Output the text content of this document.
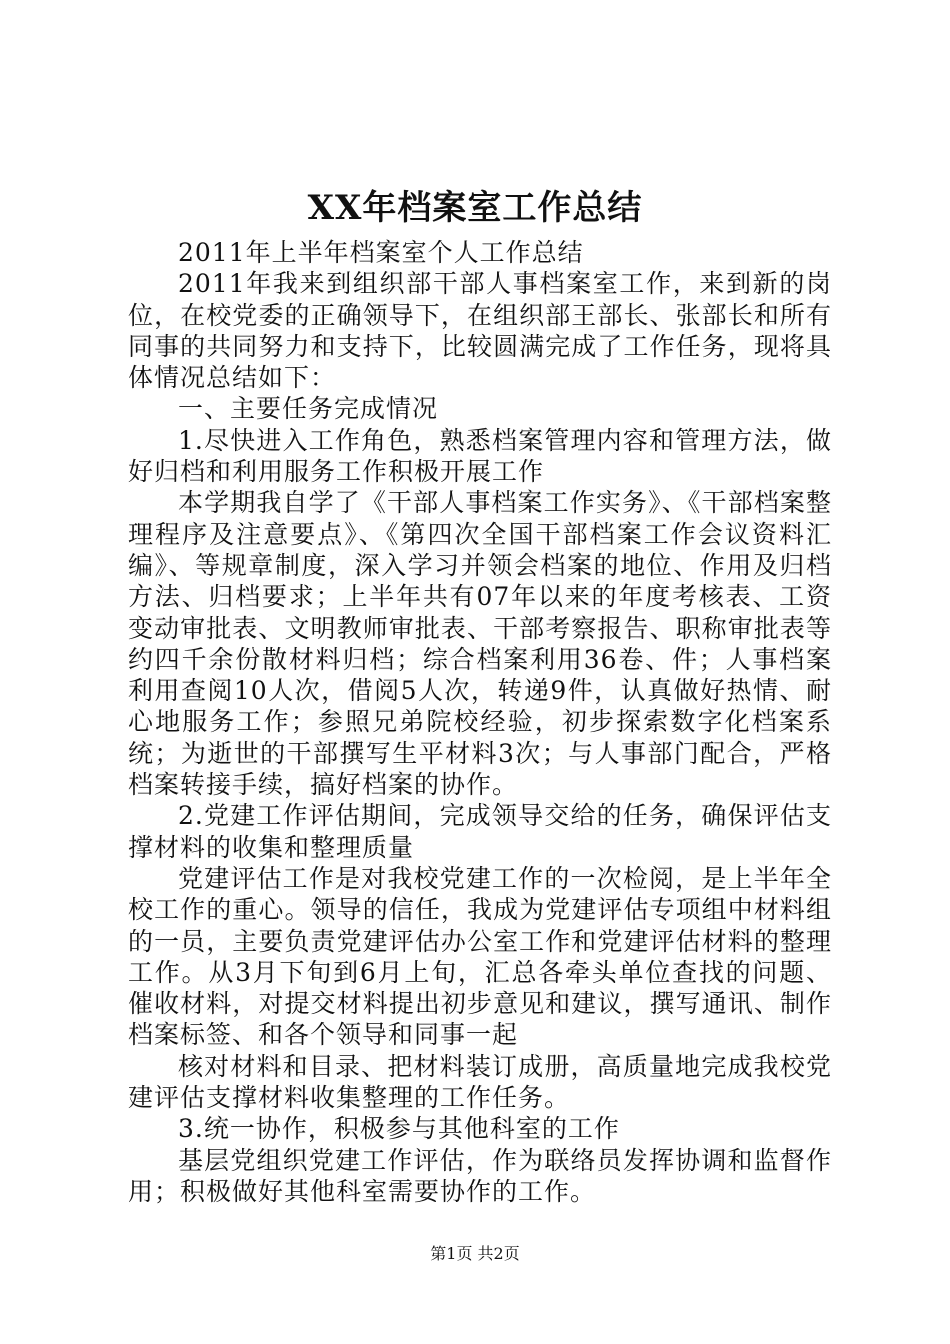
XX年档案室工作总结

2011年上半年档案室个人工作总结

2011年我来到组织部干部人事档案室工作，来到新的岗位，在校党委的正确领导下，在组织部王部长、张部长和所有同事的共同努力和支持下，比较圆满完成了工作任务，现将具体情况总结如下：

一、主要任务完成情况

1.尽快进入工作角色，熟悉档案管理内容和管理方法，做好归档和利用服务工作积极开展工作

本学期我自学了《干部人事档案工作实务》、《干部档案整理程序及注意要点》、《第四次全国干部档案工作会议资料汇编》、等规章制度，深入学习并领会档案的地位、作用及归档方法、归档要求；上半年共有07年以来的年度考核表、工资变动审批表、文明教师审批表、干部考察报告、职称审批表等约四千余份散材料归档；综合档案利用36卷、件；人事档案利用查阅10人次，借阅5人次，转递9件，认真做好热情、耐心地服务工作；参照兄弟院校经验，初步探索数字化档案系统；为逝世的干部撰写生平材料3次；与人事部门配合，严格档案转接手续，搞好档案的协作。

2.党建工作评估期间，完成领导交给的任务，确保评估支撑材料的收集和整理质量

党建评估工作是对我校党建工作的一次检阅，是上半年全校工作的重心。领导的信任，我成为党建评估专项组中材料组的一员，主要负责党建评估办公室工作和党建评估材料的整理工作。从3月下旬到6月上旬，汇总各牵头单位查找的问题、催收材料，对提交材料提出初步意见和建议，撰写通讯、制作档案标签、和各个领导和同事一起

核对材料和目录、把材料装订成册，高质量地完成我校党建评估支撑材料收集整理的工作任务。

3.统一协作，积极参与其他科室的工作

基层党组织党建工作评估，作为联络员发挥协调和监督作用；积极做好其他科室需要协作的工作。

第1页 共2页
